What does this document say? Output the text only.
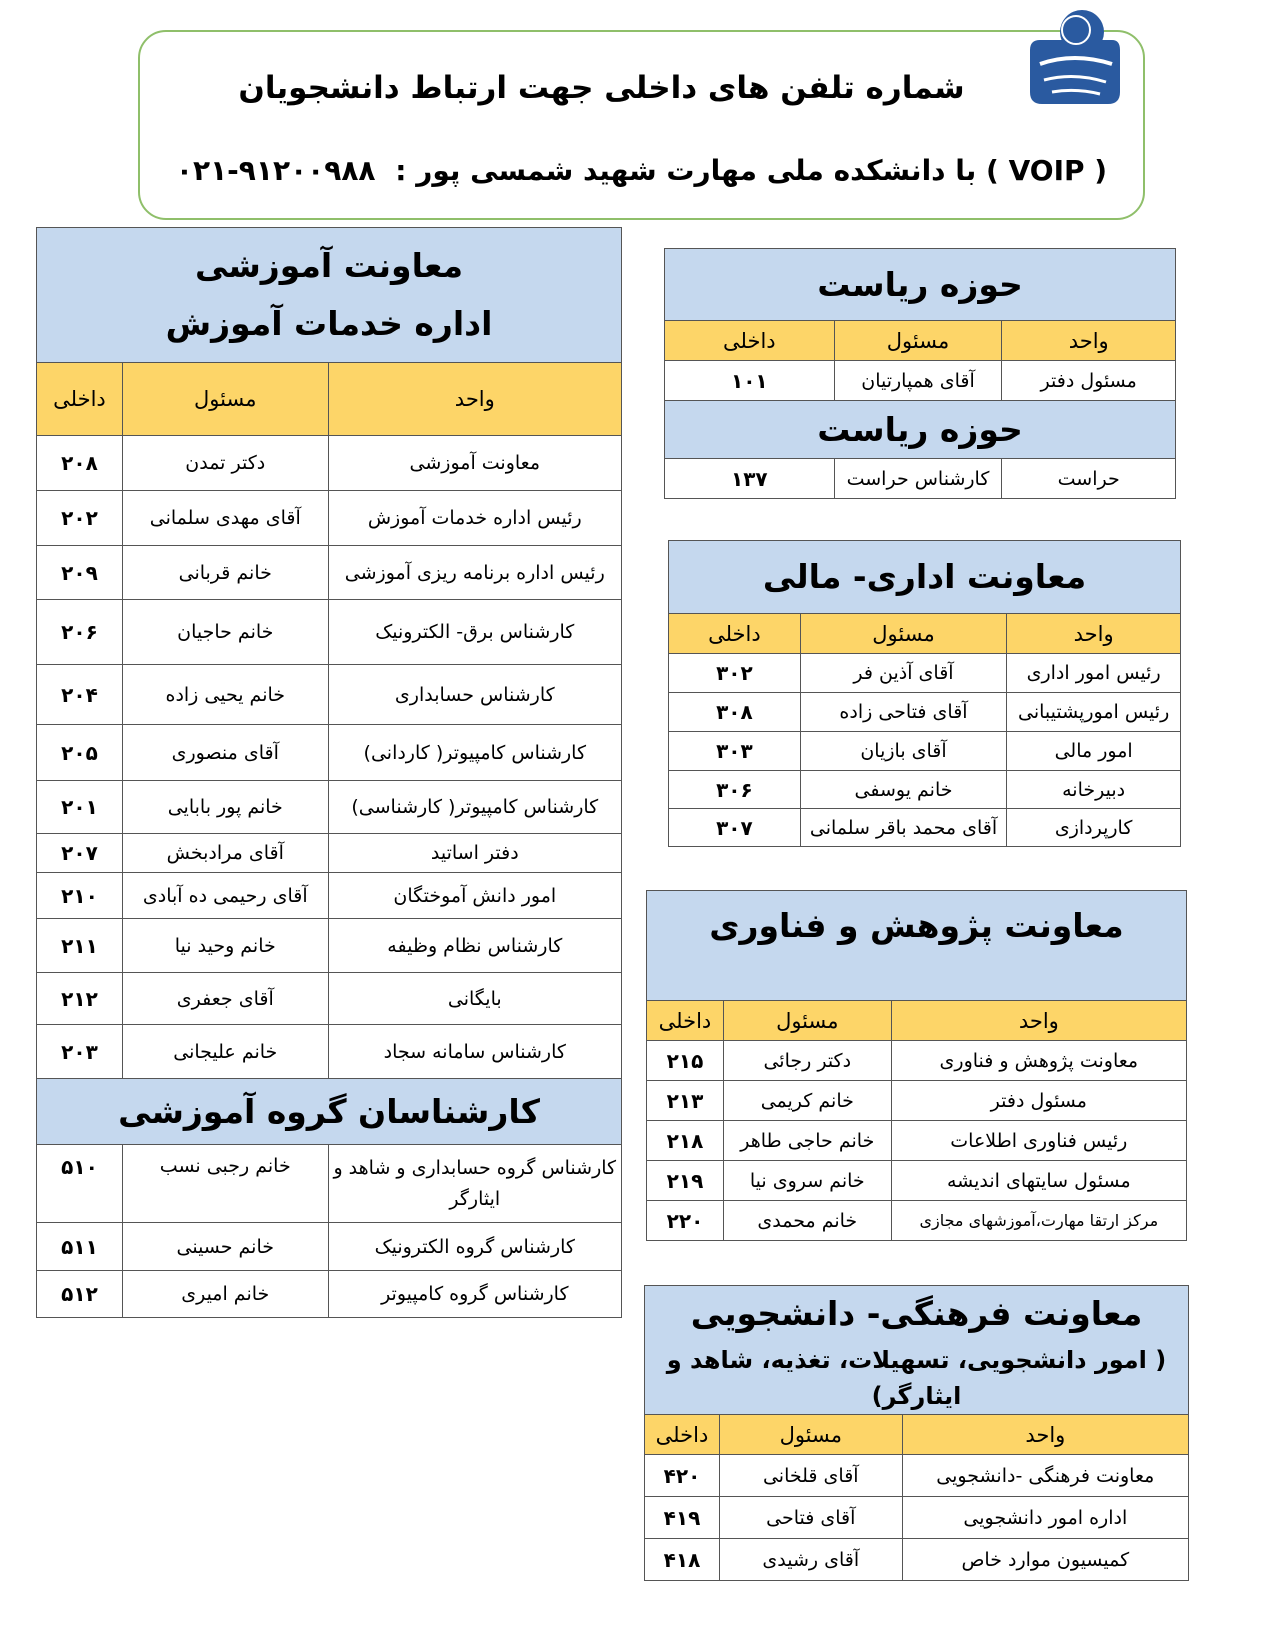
شماره تلفن های داخلی جهت ارتباط دانشجویان
( VOIP ) با دانشکده ملی مهارت شهید شمسی پور : ۰۲۱-۹۱۲۰۰۹۸۸
معاونت آموزشی
اداره خدمات آموزش		

واحد	مسئول	داخلی
معاونت آموزشی	دکتر تمدن	۲۰۸
رئیس اداره خدمات آموزش	آقای مهدی سلمانی	۲۰۲
رئیس اداره برنامه ریزی آموزشی	خانم قربانی	۲۰۹
کارشناس برق- الکترونیک	خانم حاجیان	۲۰۶
کارشناس حسابداری	خانم یحیی زاده	۲۰۴
کارشناس کامپیوتر( کاردانی)	آقای منصوری	۲۰۵
کارشناس کامپیوتر( کارشناسی)	خانم پور بابایی	۲۰۱
دفتر اساتید	آقای مرادبخش	۲۰۷
امور دانش آموختگان	آقای رحیمی ده آبادی	۲۱۰
کارشناس نظام وظیفه	خانم وحید نیا	۲۱۱
بایگانی	آقای جعفری	۲۱۲
کارشناس سامانه سجاد	خانم علیجانی	۲۰۳
کارشناسان گروه آموزشی		
کارشناس گروه حسابداری و شاهد و ایثارگر	خانم رجبی نسب	۵۱۰
کارشناس گروه الکترونیک	خانم حسینی	۵۱۱
کارشناس گروه کامپیوتر	خانم امیری	۵۱۲
حوزه ریاست		
واحد	مسئول	داخلی
مسئول دفتر	آقای همپارتیان	۱۰۱
حوزه ریاست		
حراست	کارشناس حراست	۱۳۷
معاونت اداری- مالی		
واحد	مسئول	داخلی
رئیس امور اداری	آقای آذین فر	۳۰۲
رئیس امورپشتیبانی	آقای فتاحی زاده	۳۰۸
امور مالی	آقای بازیان	۳۰۳
دبیرخانه	خانم یوسفی	۳۰۶
کارپردازی	آقای محمد باقر سلمانی	۳۰۷
معاونت پژوهش و فناوری		
واحد	مسئول	داخلی
معاونت پژوهش و فناوری	دکتر رجائی	۲۱۵
مسئول دفتر	خانم کریمی	۲۱۳
رئیس فناوری اطلاعات	خانم حاجی طاهر	۲۱۸
مسئول سایتهای اندیشه	خانم سروی نیا	۲۱۹
مرکز ارتقا مهارت،آموزشهای مجازی	خانم محمدی	۲۲۰
معاونت فرهنگی- دانشجویی
( امور دانشجویی، تسهیلات، تغذیه، شاهد و ایثارگر)		

واحد	مسئول	داخلی
معاونت فرهنگی -دانشجویی	آقای قلخانی	۴۲۰
اداره امور دانشجویی	آقای فتاحی	۴۱۹
کمیسیون موارد خاص	آقای رشیدی	۴۱۸
